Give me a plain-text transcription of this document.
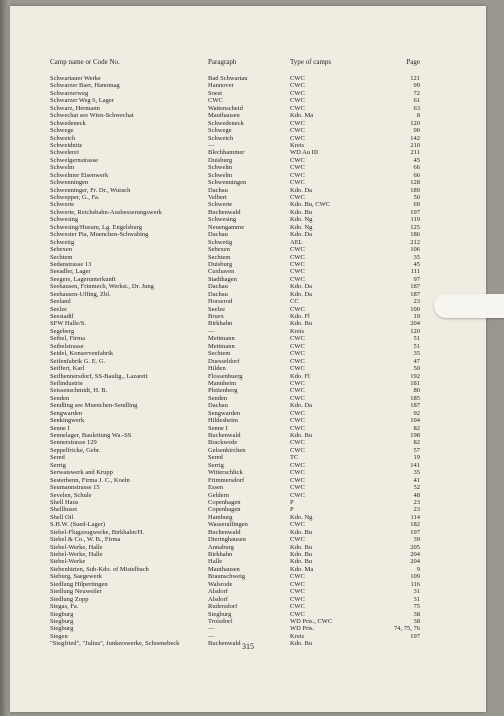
Camp name or Code No.	Paragraph	Type of camps	Page
Schwartauer Werke	Bad Schwartau	CWC	121
Schwarzer Baer, Hanomag	Hannover	CWC	99
Schwarzerweg	Soest	CWC	72
Schwarzer Weg 6, Lager	CWC	CWC	61
Schwarz, Hermann	Wattenscheid	CWC	63
Schwechat see Wien-Schwechat	Mauthausen	Kdo. Ma	8
Schwedeneck	Schwedeneck	CWC	120
Schwege	Schwege	CWC	90
Schweich	Schweich	CWC	142
Schweidnitz	—	Kreis	210
Schwelerei	Blechhammer	WD Au III	211
Schwelgernstrasse	Duisburg	CWC	45
Schwelm	Schwelm	CWC	66
Schwelmer Eisenwerk	Schwelm	CWC	66
Schwenningen	Schwenningen	CWC	128
Schwenninger, Fr. Dr., Wurach	Dachau	Kdo. Da	189
Schwepper, G., Fa.	Velbert	CWC	50
Schwerte	Schwerte	Kdo. Bu, CWC	69
Schwerte, Reichsbahn-Ausbesserungswerk	Buchenwald	Kdo. Bu	197
Schwesing	Schwesing	Kdo. Ng	119
Schwesing/Husum, Lg. Engelsburg	Neuengamme	Kdo. Ng	125
Schwester Pia, Muenchen-Schwabing	Dachau	Kdo. Da	186
Schwetig	Schwetig	AEL	212
Sebexen	Sebexen	CWC	106
Sechtem	Sechtem	CWC	35
Sedanstrasse 13	Duisburg	CWC	45
Seeadler, Lager	Cuxhaven	CWC	111
Seegers, Lagerunterkunft	Stadthagen	CWC	97
Seehausen, Frinmech, Werkst., Dr. Jung	Dachau	Kdo. Da	187
Seehausen-Uffing, Zbl.	Dachau	Kdo. Da	187
Seeland	Horserod	CC	23
Seelze	Seelze	CWC	100
Seestadtl	Bruex	Kdo. Fl	19
SFW Halle/S.	Birkhahn	Kdo. Bu	204
Segeberg	—	Kreis	120
Seibel, Firma	Mettmann	CWC	51
Seibelstrasse	Mettmann	CWC	51
Seidel, Konservenfabrik	Sechtem	CWC	35
Seifenfabrik G. E. G.	Duesseldorf	CWC	47
Seiffert, Karl	Hilden	CWC	50
Seifhennersdorf, SS-Baultg., Lazarett	Flossenbuerg	Kdo. Fl	192
Seilindustrie	Mannheim	CWC	181
Seissenschmidt, H. B.	Plettenberg	CWC	80
Senden	Senden	CWC	185
Sendling see Muenchen-Sendling	Dachau	Kdo. Da	187
Sengwarden	Sengwarden	CWC	92
Senkingwerk	Hildesheim	CWC	104
Senne I	Senne I	CWC	82
Sennelager, Bauleitung Wa.-SS	Buchenwald	Kdo. Bu	198
Sennerstrasse 129	Brackwede	CWC	82
Seppelfricke, Gebr.	Gelsenkirchen	CWC	57
Sered	Sered	TC	19
Serrig	Serrig	CWC	141
Serwaiswerk and Krupp	Witterschlick	CWC	35
Sesterhenn, Firma J. C., Koeln	Frimmersdorf	CWC	41
Seumannstrasse 15	Essen	CWC	52
Sevelen, Schule	Geldern	CWC	48
Shell Haus	Copenhagen	P	23
Shellhuset	Copenhagen	P	23
Shell Oil	Hamburg	Kdo. Ng	114
S.H.W. (Sued-Lager)	Wasseralfingen	CWC	182
Siebel-Flugzeugwerke, Birkhahn/H.	Buchenwald	Kdo. Bu	197
Siebel & Co., W. B., Firma	Dieringhausen	CWC	39
Siebel-Werke, Halle	Annaburg	Kdo. Bu	205
Siebel-Werke, Halle	Birkhahn	Kdo. Bu	204
Siebel-Werke	Halle	Kdo. Bu	204
Siebenhirten, Sub-Kdo. of Mistelbach	Mauthausen	Kdo. Ma	9
Sieburg, Saegewerk	Braunschweig	CWC	109
Siedlung Hilpertingen	Walsrode	CWC	116
Siedlung Neuweiler	Alsdorf	CWC	31
Siedlung Zopp	Alsdorf	CWC	31
Siegas, Fa.	Rudersdorf	CWC	75
Siegburg	Siegburg	CWC	38
Siegburg	Troisdorf	WD Pris., CWC	38
Siegburg	—	WD Pris.	74, 75, 76
Siegen	—	Kreis	197
"Siegfried", "Julius", Junkerswerke, Schoenebeck	Buchenwald	Kdo. Bu
315
